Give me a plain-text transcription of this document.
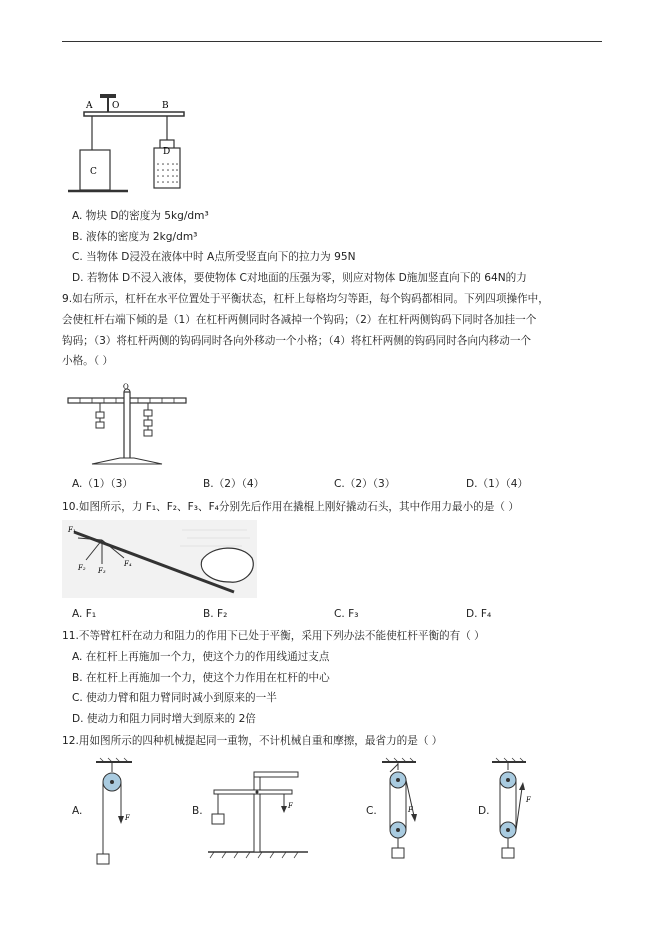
A O	B
C
D
A. 物块 D的密度为 5kg/dm³
B. 液体的密度为 2kg/dm³
C. 当物体 D浸没在液体中时 A点所受竖直向下的拉力为 95N
D. 若物体 D不浸入液体，要使物体 C对地面的压强为零，则应对物体 D施加竖直向下的 64N的力
9.如右所示，杠杆在水平位置处于平衡状态，杠杆上每格均匀等距，每个钩码都相同。下列四项操作中，
会使杠杆右端下倾的是（1）在杠杆两侧同时各减掉一个钩码；（2）在杠杆两侧钩码下同时各加挂一个
钩码；（3）将杠杆两侧的钩码同时各向外移动一个小格；（4）将杠杆两侧的钩码同时各向内移动一个
小格。（ ）
O
A.（1）（3）	B.（2）（4）	C.（2）（3）	D.（1）（4）
10.如图所示，力 F₁、F₂、F₃、F₄分别先后作用在撬棍上刚好撬动石头，其中作用力最小的是（ ）
F₁
F₂ F₃
F₄
A. F₁	B. F₂	C. F₃	D. F₄
11.不等臂杠杆在动力和阻力的作用下已处于平衡，采用下列办法不能使杠杆平衡的有（ ）
A. 在杠杆上再施加一个力，使这个力的作用线通过支点
B. 在杠杆上再施加一个力，使这个力作用在杠杆的中心
C. 使动力臂和阻力臂同时减小到原来的一半
D. 使动力和阻力同时增大到原来的 2倍
12.用如图所示的四种机械提起同一重物，不计机械自重和摩擦，最省力的是（ ）
A.
F
B.	F	C.	F	D.
F
